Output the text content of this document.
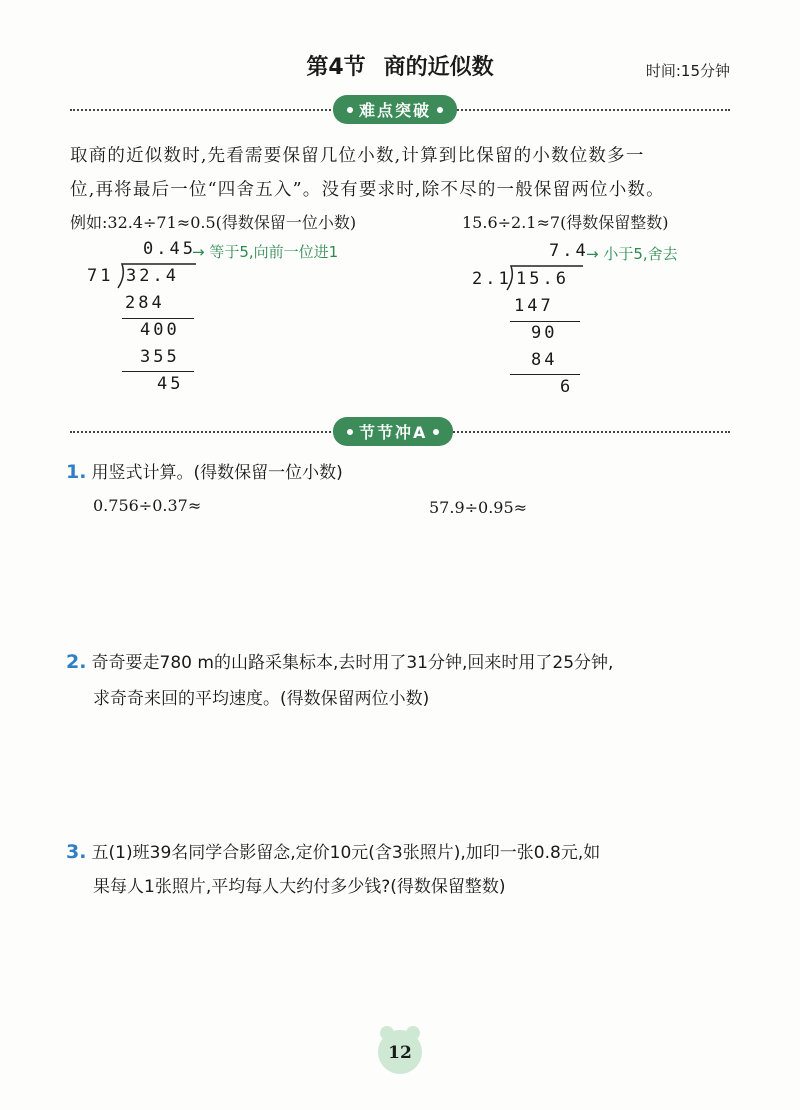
第4节 商的近似数	时间:15分钟
难点突破
取商的近似数时,先看需要保留几位小数,计算到比保留的小数位数多一
位,再将最后一位“四舍五入”。没有要求时,除不尽的一般保留两位小数。
例如:32.4÷71≈0.5(得数保留一位小数)	15.6÷2.1≈7(得数保留整数)
0.45
→ 等于5,向前一位进1
71 32.4
284
400
355
45
7.4
→ 小于5,舍去
2.1 15.6
147
90
84
6
节节冲A
1. 用竖式计算。(得数保留一位小数)
0.756÷0.37≈	57.9÷0.95≈
2. 奇奇要走780 m的山路采集标本,去时用了31分钟,回来时用了25分钟,
求奇奇来回的平均速度。(得数保留两位小数)
3. 五(1)班39名同学合影留念,定价10元(含3张照片),加印一张0.8元,如
果每人1张照片,平均每人大约付多少钱?(得数保留整数)
12
